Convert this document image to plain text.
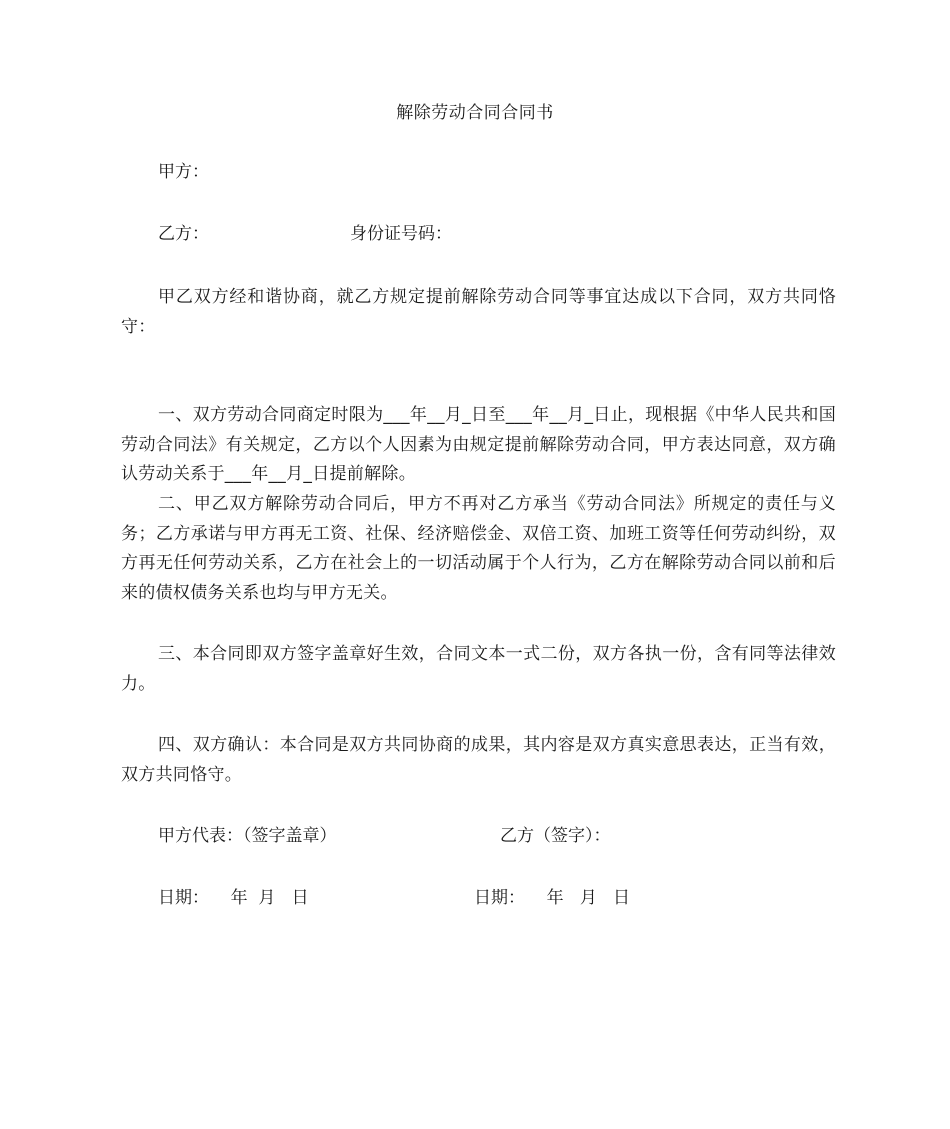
解除劳动合同合同书
甲方：
乙方：	身份证号码：
甲乙双方经和谐协商，就乙方规定提前解除劳动合同等事宜达成以下合同，双方共同恪守：
一、双方劳动合同商定时限为___年__月_日至___年__月_日止，现根据《中华人民共和国劳动合同法》有关规定，乙方以个人因素为由规定提前解除劳动合同，甲方表达同意，双方确认劳动关系于___年__月_日提前解除。
二、甲乙双方解除劳动合同后，甲方不再对乙方承当《劳动合同法》所规定的责任与义务；乙方承诺与甲方再无工资、社保、经济赔偿金、双倍工资、加班工资等任何劳动纠纷，双方再无任何劳动关系，乙方在社会上的一切活动属于个人行为，乙方在解除劳动合同以前和后来的债权债务关系也均与甲方无关。
三、本合同即双方签字盖章好生效，合同文本一式二份，双方各执一份，含有同等法律效力。
四、双方确认：本合同是双方共同协商的成果，其内容是双方真实意思表达，正当有效，双方共同恪守。
甲方代表：（签字盖章）	乙方（签字）：
日期：    年  月   日	日期：    年   月   日
